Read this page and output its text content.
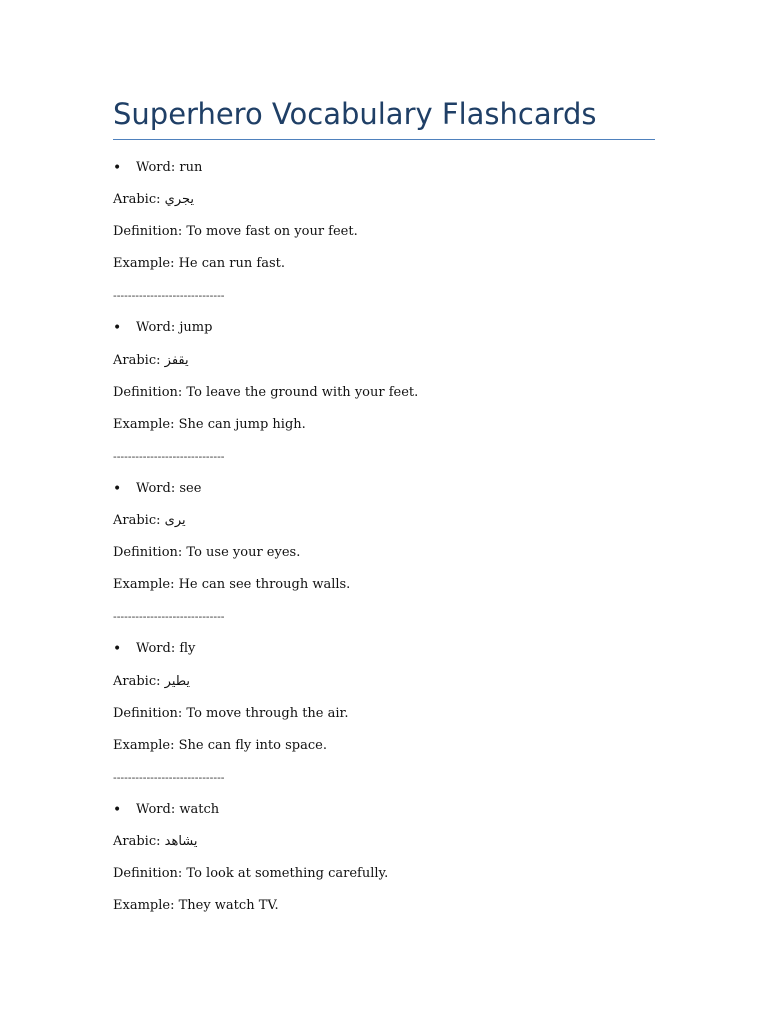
Superhero Vocabulary Flashcards
• Word: run
Arabic: يجري
Definition: To move fast on your feet.
Example: He can run fast.
------------------------------
• Word: jump
Arabic: يقفز
Definition: To leave the ground with your feet.
Example: She can jump high.
------------------------------
• Word: see
Arabic: يرى
Definition: To use your eyes.
Example: He can see through walls.
------------------------------
• Word: fly
Arabic: يطير
Definition: To move through the air.
Example: She can fly into space.
------------------------------
• Word: watch
Arabic: يشاهد
Definition: To look at something carefully.
Example: They watch TV.
